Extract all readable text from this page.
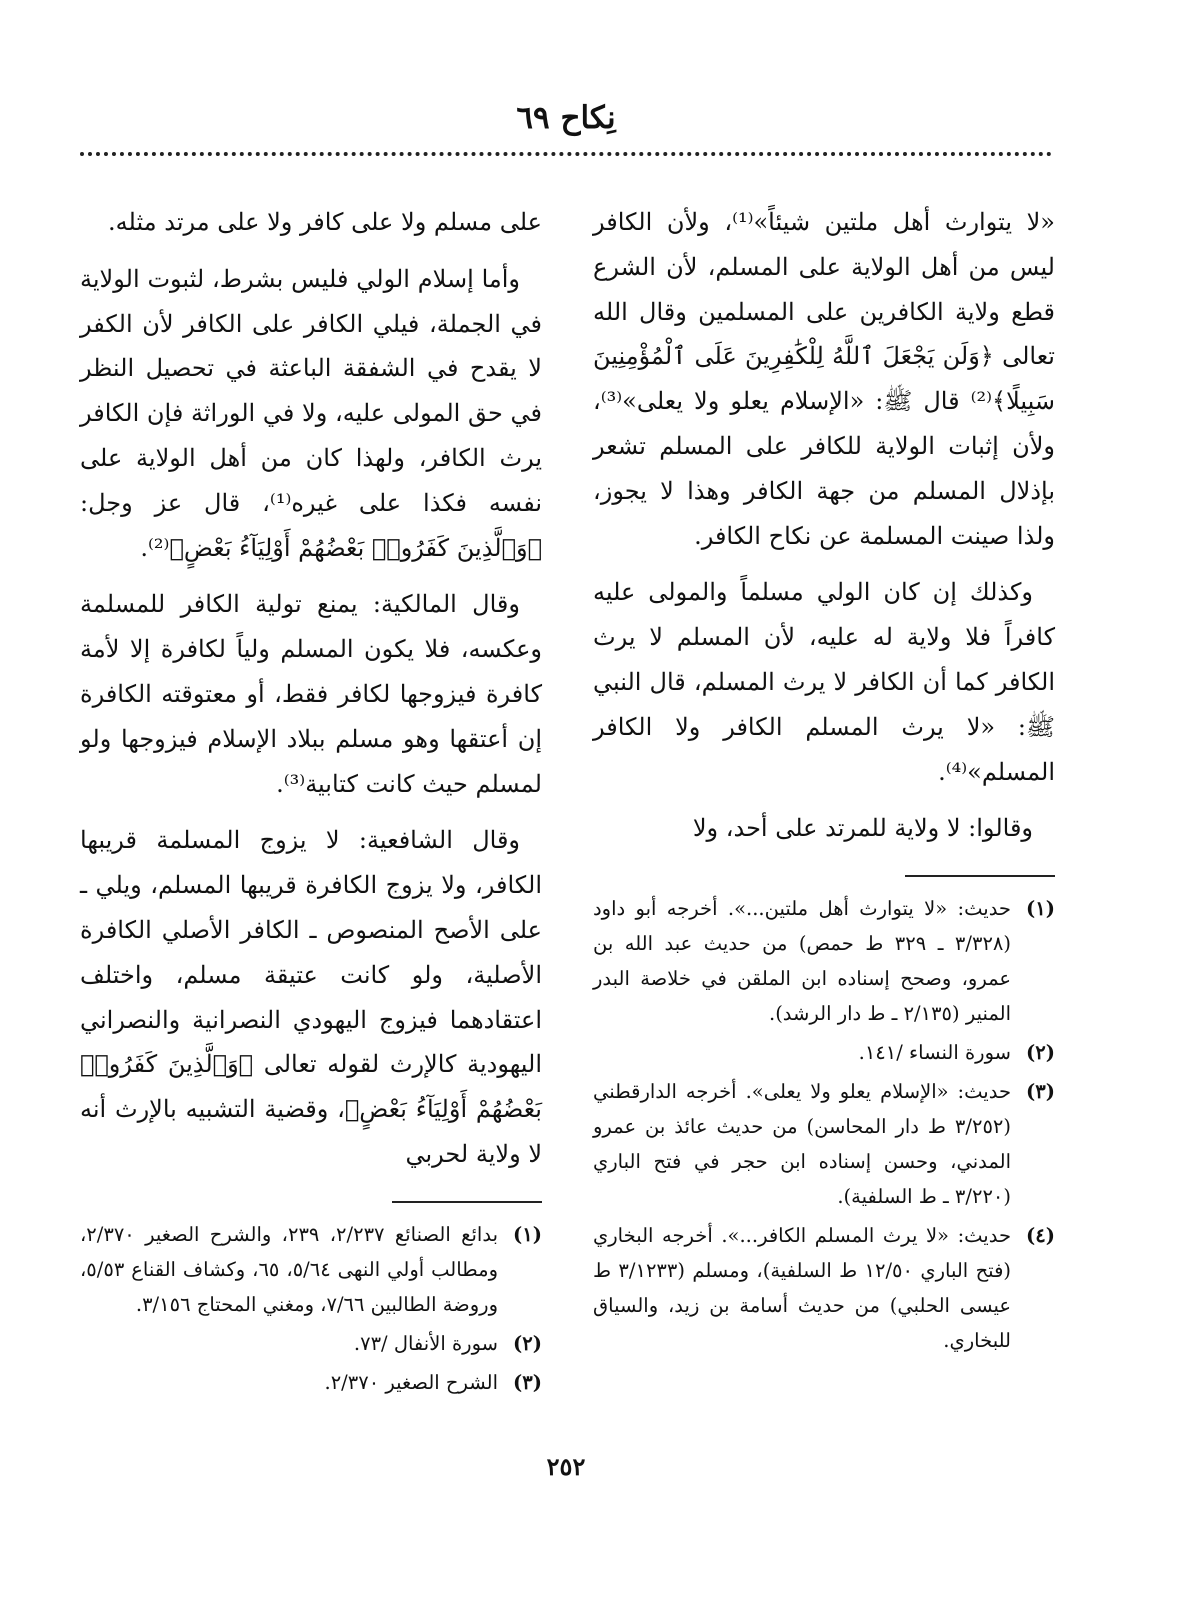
نِكاح ٦٩

«لا يتوارث أهل ملتين شيئاً»⁽¹⁾، ولأن الكافر ليس من أهل الولاية على المسلم، لأن الشرع قطع ولاية الكافرين على المسلمين وقال الله تعالى ﴿وَلَن يَجْعَلَ ٱللَّهُ لِلْكَٰفِرِينَ عَلَى ٱلْمُؤْمِنِينَ سَبِيلًا﴾⁽²⁾ قال ﷺ: «الإسلام يعلو ولا يعلى»⁽³⁾، ولأن إثبات الولاية للكافر على المسلم تشعر بإذلال المسلم من جهة الكافر وهذا لا يجوز، ولذا صينت المسلمة عن نكاح الكافر.

وكذلك إن كان الولي مسلماً والمولى عليه كافراً فلا ولاية له عليه، لأن المسلم لا يرث الكافر كما أن الكافر لا يرث المسلم، قال النبي ﷺ: «لا يرث المسلم الكافر ولا الكافر المسلم»⁽⁴⁾.

وقالوا: لا ولاية للمرتد على أحد، ولا

(١)
حديث: «لا يتوارث أهل ملتين...». أخرجه أبو داود (٣/٣٢٨ ـ ٣٢٩ ط حمص) من حديث عبد الله بن عمرو، وصحح إسناده ابن الملقن في خلاصة البدر المنير (٢/١٣٥ ـ ط دار الرشد).
(٢)
سورة النساء /١٤١.
(٣)
حديث: «الإسلام يعلو ولا يعلى». أخرجه الدارقطني (٣/٢٥٢ ط دار المحاسن) من حديث عائذ بن عمرو المدني، وحسن إسناده ابن حجر في فتح الباري (٣/٢٢٠ ـ ط السلفية).
(٤)
حديث: «لا يرث المسلم الكافر...». أخرجه البخاري (فتح الباري ١٢/٥٠ ط السلفية)، ومسلم (٣/١٢٣٣ ط عيسى الحلبي) من حديث أسامة بن زيد، والسياق للبخاري.

على مسلم ولا على كافر ولا على مرتد مثله.

وأما إسلام الولي فليس بشرط، لثبوت الولاية في الجملة، فيلي الكافر على الكافر لأن الكفر لا يقدح في الشفقة الباعثة في تحصيل النظر في حق المولى عليه، ولا في الوراثة فإن الكافر يرث الكافر، ولهذا كان من أهل الولاية على نفسه فكذا على غيره⁽¹⁾، قال عز وجل: ﴿وَٱلَّذِينَ كَفَرُوا۟ بَعْضُهُمْ أَوْلِيَآءُ بَعْضٍ﴾⁽²⁾.

وقال المالكية: يمنع تولية الكافر للمسلمة وعكسه، فلا يكون المسلم ولياً لكافرة إلا لأمة كافرة فيزوجها لكافر فقط، أو معتوقته الكافرة إن أعتقها وهو مسلم ببلاد الإسلام فيزوجها ولو لمسلم حيث كانت كتابية⁽³⁾.

وقال الشافعية: لا يزوج المسلمة قريبها الكافر، ولا يزوج الكافرة قريبها المسلم، ويلي ـ على الأصح المنصوص ـ الكافر الأصلي الكافرة الأصلية، ولو كانت عتيقة مسلم، واختلف اعتقادهما فيزوج اليهودي النصرانية والنصراني اليهودية كالإرث لقوله تعالى ﴿وَٱلَّذِينَ كَفَرُوا۟ بَعْضُهُمْ أَوْلِيَآءُ بَعْضٍ﴾، وقضية التشبيه بالإرث أنه لا ولاية لحربي

(١)
بدائع الصنائع ٢/٢٣٧، ٢٣٩، والشرح الصغير ٢/٣٧٠، ومطالب أولي النهى ٥/٦٤، ٦٥، وكشاف القناع ٥/٥٣، وروضة الطالبين ٧/٦٦، ومغني المحتاج ٣/١٥٦.
(٢)
سورة الأنفال /٧٣.
(٣)
الشرح الصغير ٢/٣٧٠.
٢٥٢
